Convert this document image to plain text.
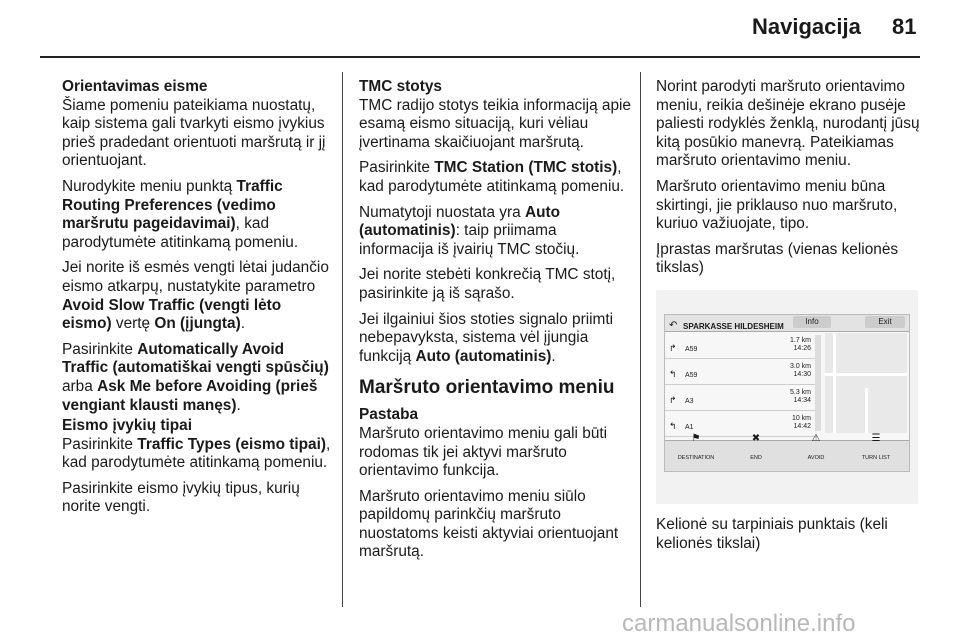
Navigacija 81

Orientavimas eisme
Šiame pomeniu pateikiama nuostatų, kaip sistema gali tvarkyti eismo įvykius prieš pradedant orientuoti maršrutą ir jį orientuojant.

Nurodykite meniu punktą Traffic Routing Preferences (vedimo maršrutu pageidavimai), kad parodytumėte atitinkamą pomeniu.

Jei norite iš esmės vengti lėtai judančio eismo atkarpų, nustatykite parametro Avoid Slow Traffic (vengti lėto eismo) vertę On (įjungta).

Pasirinkite Automatically Avoid Traffic (automatiškai vengti spūsčių) arba Ask Me before Avoiding (prieš vengiant klausti manęs).

Eismo įvykių tipai
Pasirinkite Traffic Types (eismo tipai), kad parodytumėte atitinkamą pomeniu.

Pasirinkite eismo įvykių tipus, kurių norite vengti.

TMC stotys
TMC radijo stotys teikia informaciją apie esamą eismo situaciją, kuri vėliau įvertinama skaičiuojant maršrutą.

Pasirinkite TMC Station (TMC stotis), kad parodytumėte atitinkamą pomeniu.

Numatytoji nuostata yra Auto (automatinis): taip priimama informacija iš įvairių TMC stočių.

Jei norite stebėti konkrečią TMC stotį, pasirinkite ją iš sąrašo.

Jei ilgainiui šios stoties signalo priimti nebepavyksta, sistema vėl įjungia funkciją Auto (automatinis).

Maršruto orientavimo meniu

Pastaba
Maršruto orientavimo meniu gali būti rodomas tik jei aktyvi maršruto orientavimo funkcija.

Maršruto orientavimo meniu siūlo papildomų parinkčių maršruto nuostatoms keisti aktyviai orientuojant maršrutą.

Norint parodyti maršruto orientavimo meniu, reikia dešinėje ekrano pusėje paliesti rodyklės ženklą, nurodantį jūsų kitą posūkio manevrą. Pateikiamas maršruto orientavimo meniu.

Maršruto orientavimo meniu būna skirtingi, jie priklauso nuo maršruto, kuriuo važiuojate, tipo.

Įprastas maršrutas (vienas kelionės tikslas)

↶ SPARKASSE HILDESHEIM
Info	Exit
↱ A59
1.7 km
14:26
↰ A59
3.0 km
14:30
↱ A3
5.3 km
14:34
↰ A1
10 km
14:42
⚑
DESTINATION
✖
END
⚠
AVOID
☰
TURN LIST

Kelionė su tarpiniais punktais (keli kelionės tikslai)

carmanualsonline.info
